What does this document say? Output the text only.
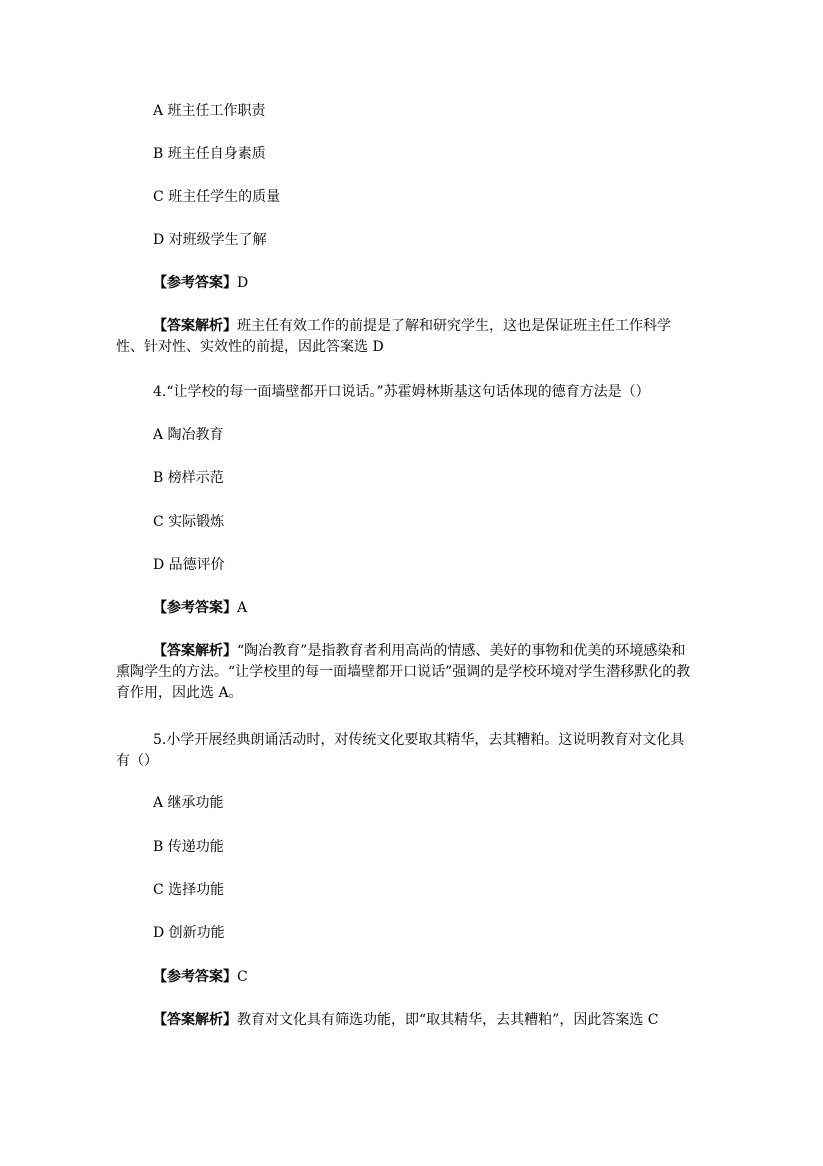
A 班主任工作职责
B 班主任自身素质
C 班主任学生的质量
D 对班级学生了解
【参考答案】D
【答案解析】班主任有效工作的前提是了解和研究学生，这也是保证班主任工作科学性、针对性、实效性的前提，因此答案选 D
4.“让学校的每一面墙壁都开口说话。”苏霍姆林斯基这句话体现的德育方法是（）
A 陶冶教育
B 榜样示范
C 实际锻炼
D 品德评价
【参考答案】A
【答案解析】“陶冶教育”是指教育者利用高尚的情感、美好的事物和优美的环境感染和熏陶学生的方法。“让学校里的每一面墙壁都开口说话”强调的是学校环境对学生潜移默化的教育作用，因此选 A。
5.小学开展经典朗诵活动时，对传统文化要取其精华，去其糟粕。这说明教育对文化具有（）
A 继承功能
B 传递功能
C 选择功能
D 创新功能
【参考答案】C
【答案解析】教育对文化具有筛选功能，即“取其精华，去其糟粕”，因此答案选 C
